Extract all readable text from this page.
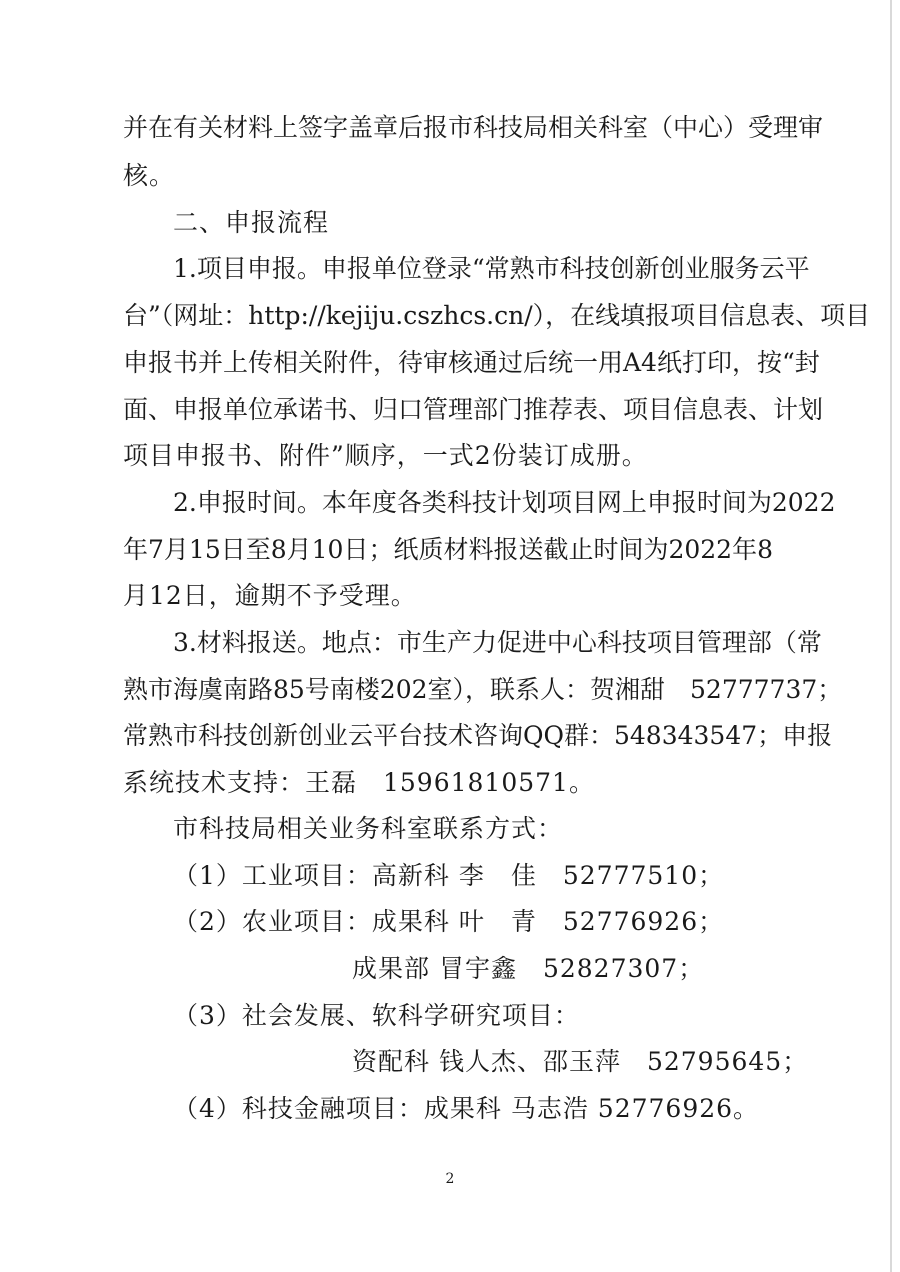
并在有关材料上签字盖章后报市科技局相关科室（中心）受理审
核。
二、申报流程
1.项目申报。申报单位登录“常熟市科技创新创业服务云平
台”（网址：http://kejiju.cszhcs.cn/），在线填报项目信息表、项目
申报书并上传相关附件，待审核通过后统一用A4纸打印，按“封
面、申报单位承诺书、归口管理部门推荐表、项目信息表、计划
项目申报书、附件”顺序，一式2份装订成册。
2.申报时间。本年度各类科技计划项目网上申报时间为2022
年7月15日至8月10日；纸质材料报送截止时间为2022年8
月12日，逾期不予受理。
3.材料报送。地点：市生产力促进中心科技项目管理部（常
熟市海虞南路85号南楼202室），联系人：贺湘甜　52777737；
常熟市科技创新创业云平台技术咨询QQ群：548343547；申报
系统技术支持：王磊　15961810571。
市科技局相关业务科室联系方式：
（1）工业项目：高新科 李　佳　52777510；
（2）农业项目：成果科 叶　青　52776926；
成果部 冒宇鑫　52827307；
（3）社会发展、软科学研究项目：
资配科 钱人杰、邵玉萍　52795645；
（4）科技金融项目：成果科 马志浩 52776926。
2
